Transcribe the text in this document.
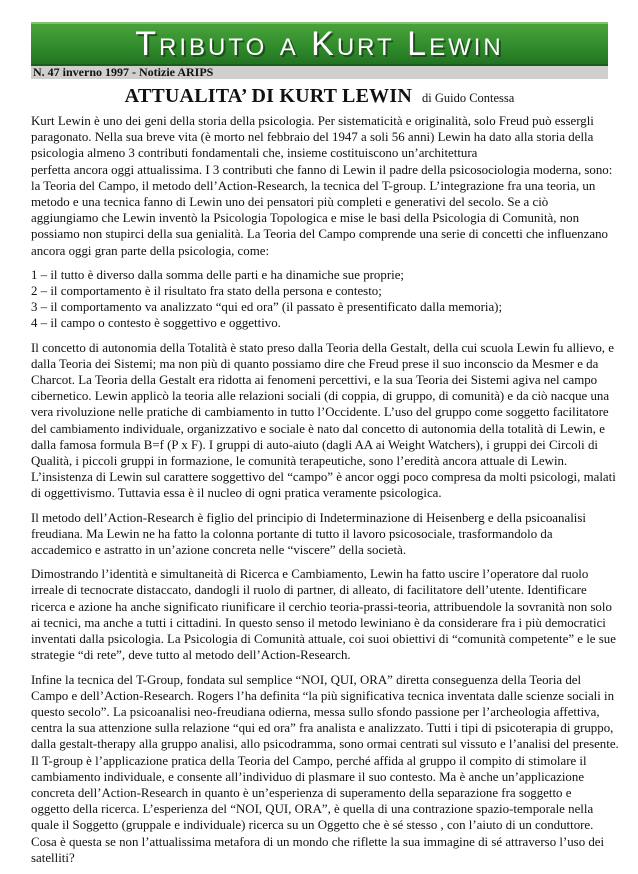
Tributo a Kurt Lewin
N. 47 inverno 1997 - Notizie ARIPS
ATTUALITA’ DI KURT LEWIN di Guido Contessa

Kurt Lewin è uno dei geni della storia della psicologia. Per sistematicità e originalità, solo Freud può essergli
paragonato. Nella sua breve vita (è morto nel febbraio del 1947 a soli 56 anni) Lewin ha dato alla storia della
psicologia almeno 3 contributi fondamentali che, insieme costituiscono un’architettura
perfetta ancora oggi attualissima. I 3 contributi che fanno di Lewin il padre della psicosociologia moderna, sono:
la Teoria del Campo, il metodo dell’Action-Research, la tecnica del T-group. L’integrazione fra una teoria, un
metodo e una tecnica fanno di Lewin uno dei pensatori più completi e generativi del secolo. Se a ciò
aggiungiamo che Lewin inventò la Psicologia Topologica e mise le basi della Psicologia di Comunità, non
possiamo non stupirci della sua genialità. La Teoria del Campo comprende una serie di concetti che influenzano
ancora oggi gran parte della psicologia, come:

1 – il tutto è diverso dalla somma delle parti e ha dinamiche sue proprie;
2 – il comportamento è il risultato fra stato della persona e contesto;
3 – il comportamento va analizzato “qui ed ora” (il passato è presentificato dalla memoria);
4 – il campo o contesto è soggettivo e oggettivo.

Il concetto di autonomia della Totalità è stato preso dalla Teoria della Gestalt, della cui scuola Lewin fu allievo, e
dalla Teoria dei Sistemi; ma non più di quanto possiamo dire che Freud prese il suo inconscio da Mesmer e da
Charcot. La Teoria della Gestalt era ridotta ai fenomeni percettivi, e la sua Teoria dei Sistemi agiva nel campo
cibernetico. Lewin applicò la teoria alle relazioni sociali (di coppia, di gruppo, di comunità) e da ciò nacque una
vera rivoluzione nelle pratiche di cambiamento in tutto l’Occidente. L’uso del gruppo come soggetto facilitatore
del cambiamento individuale, organizzativo e sociale è nato dal concetto di autonomia della totalità di Lewin, e
dalla famosa formula B=f (P x F). I gruppi di auto-aiuto (dagli AA ai Weight Watchers), i gruppi dei Circoli di
Qualità, i piccoli gruppi in formazione, le comunità terapeutiche, sono l’eredità ancora attuale di Lewin.
L’insistenza di Lewin sul carattere soggettivo del “campo” è ancor oggi poco compresa da molti psicologi, malati
di oggettivismo. Tuttavia essa è il nucleo di ogni pratica veramente psicologica.

Il metodo dell’Action-Research è figlio del principio di Indeterminazione di Heisenberg e della psicoanalisi
freudiana. Ma Lewin ne ha fatto la colonna portante di tutto il lavoro psicosociale, trasformandolo da
accademico e astratto in un’azione concreta nelle “viscere” della società.

Dimostrando l’identità e simultaneità di Ricerca e Cambiamento, Lewin ha fatto uscire l’operatore dal ruolo
irreale di tecnocrate distaccato, dandogli il ruolo di partner, di alleato, di facilitatore dell’utente. Identificare
ricerca e azione ha anche significato riunificare il cerchio teoria-prassi-teoria, attribuendole la sovranità non solo
ai tecnici, ma anche a tutti i cittadini. In questo senso il metodo lewiniano è da considerare fra i più democratici
inventati dalla psicologia. La Psicologia di Comunità attuale, coi suoi obiettivi di “comunità competente” e le sue
strategie “di rete”, deve tutto al metodo dell’Action-Research.

Infine la tecnica del T-Group, fondata sul semplice “NOI, QUI, ORA” diretta conseguenza della Teoria del
Campo e dell’Action-Research. Rogers l’ha definita “la più significativa tecnica inventata dalle scienze sociali in
questo secolo”. La psicoanalisi neo-freudiana odierna, messa sullo sfondo passione per l’archeologia affettiva,
centra la sua attenzione sulla relazione “qui ed ora” fra analista e analizzato. Tutti i tipi di psicoterapia di gruppo,
dalla gestalt-therapy alla gruppo analisi, allo psicodramma, sono ormai centrati sul vissuto e l’analisi del presente.
Il T-group è l’applicazione pratica della Teoria del Campo, perché affida al gruppo il compito di stimolare il
cambiamento individuale, e consente all’individuo di plasmare il suo contesto. Ma è anche un’applicazione
concreta dell’Action-Research in quanto è un’esperienza di superamento della separazione fra soggetto e
oggetto della ricerca. L’esperienza del “NOI, QUI, ORA”, è quella di una contrazione spazio-temporale nella
quale il Soggetto (gruppale e individuale) ricerca su un Oggetto che è sé stesso , con l’aiuto di un conduttore.
Cosa è questa se non l’attualissima metafora di un mondo che riflette la sua immagine di sé attraverso l’uso dei
satelliti?
